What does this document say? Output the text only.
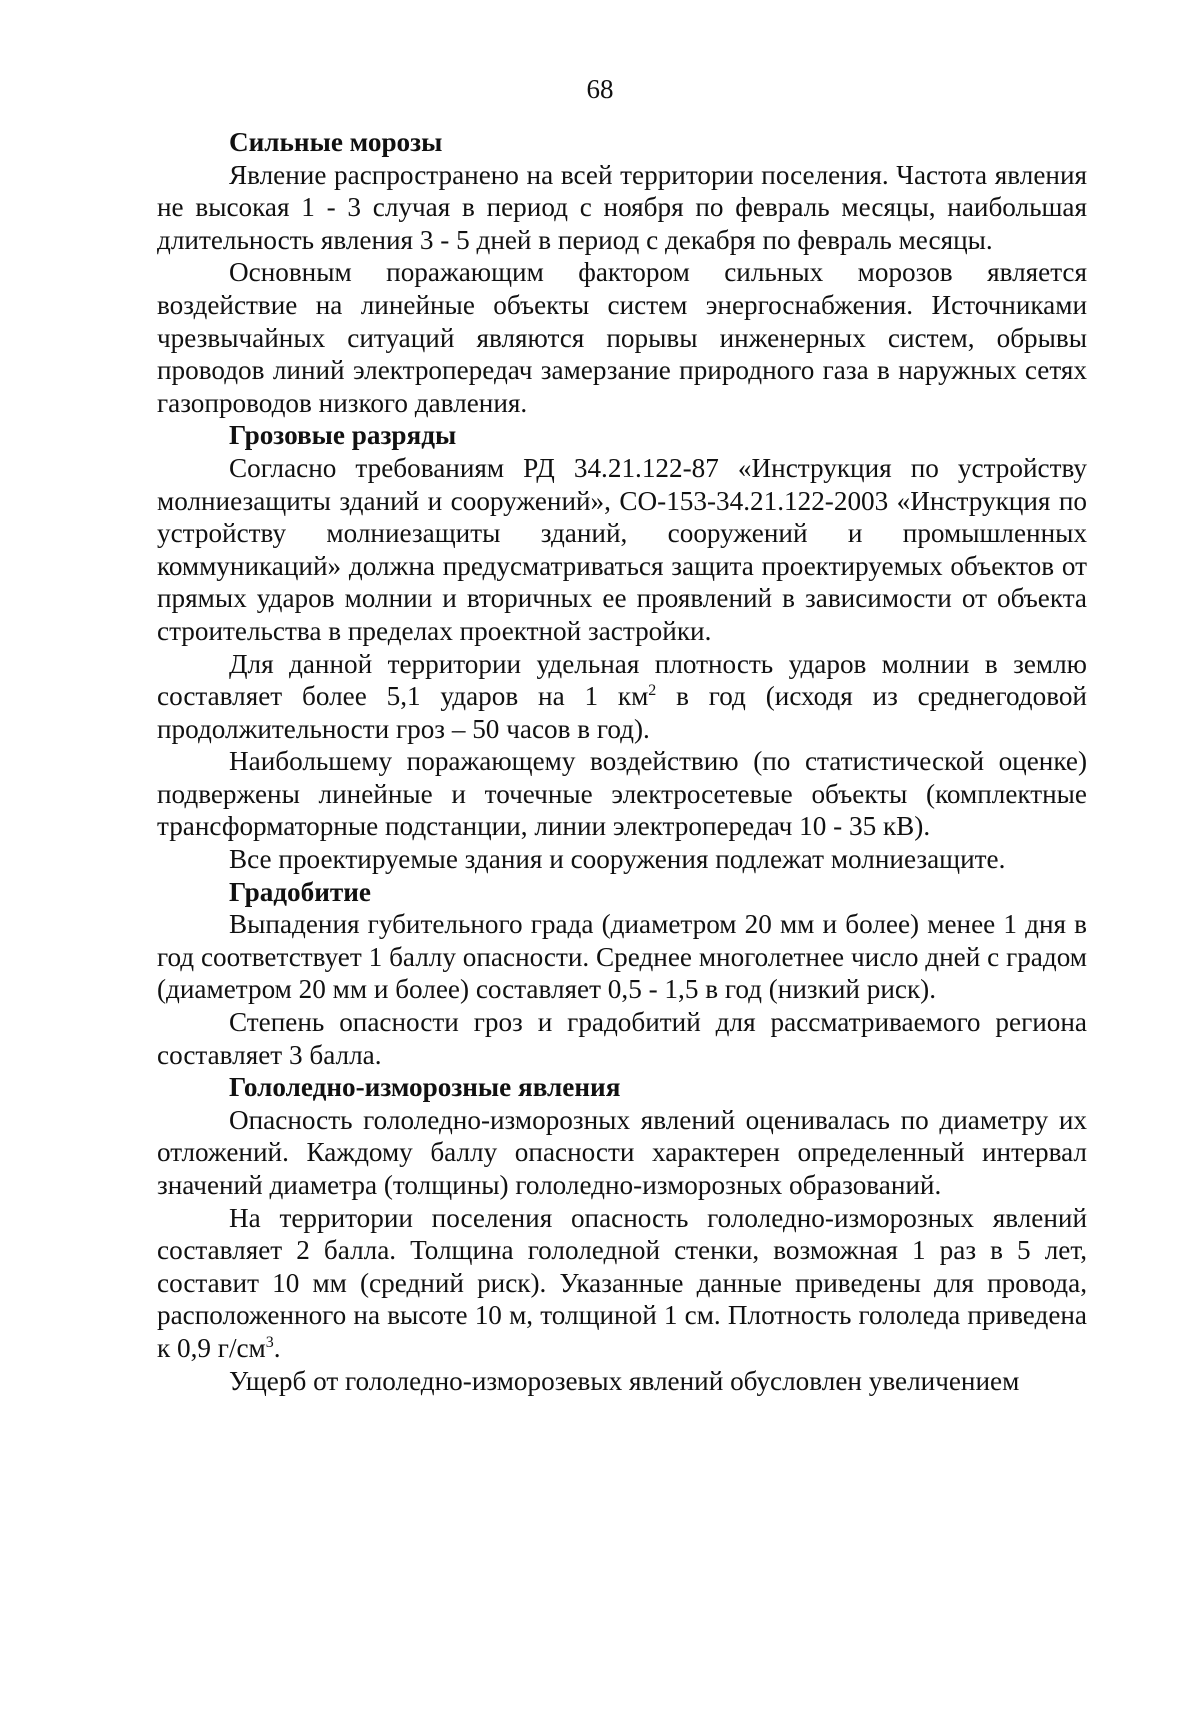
68

Сильные морозы

Явление распространено на всей территории поселения. Частота явления не высокая 1 - 3 случая в период с ноября по февраль месяцы, наибольшая длительность явления 3 - 5 дней в период с декабря по февраль месяцы.

Основным поражающим фактором сильных морозов является воздействие на линейные объекты систем энергоснабжения. Источниками чрезвычайных ситуаций являются порывы инженерных систем, обрывы проводов линий электропередач замерзание природного газа в наружных сетях газопроводов низкого давления.

Грозовые разряды

Согласно требованиям РД 34.21.122-87 «Инструкция по устройству молниезащиты зданий и сооружений», СО-153-34.21.122-2003 «Инструкция по устройству молниезащиты зданий, сооружений и промышленных коммуникаций» должна предусматриваться защита проектируемых объектов от прямых ударов молнии и вторичных ее проявлений в зависимости от объекта строительства в пределах проектной застройки.

Для данной территории удельная плотность ударов молнии в землю составляет более 5,1 ударов на 1 $км^2$ в год (исходя из среднегодовой продолжительности гроз – 50 часов в год).

Наибольшему поражающему воздействию (по статистической оценке) подвержены линейные и точечные электросетевые объекты (комплектные трансформаторные подстанции, линии электропередач 10 - 35 кВ).

Все проектируемые здания и сооружения подлежат молниезащите.

Градобитие

Выпадения губительного града (диаметром 20 мм и более) менее 1 дня в год соответствует 1 баллу опасности. Среднее многолетнее число дней с градом (диаметром 20 мм и более) составляет 0,5 - 1,5 в год (низкий риск).

Степень опасности гроз и градобитий для рассматриваемого региона составляет 3 балла.

Гололедно-изморозные явления

Опасность гололедно-изморозных явлений оценивалась по диаметру их отложений. Каждому баллу опасности характерен определенный интервал значений диаметра (толщины) гололедно-изморозных образований.

На территории поселения опасность гололедно-изморозных явлений составляет 2 балла. Толщина гололедной стенки, возможная 1 раз в 5 лет, составит 10 мм (средний риск). Указанные данные приведены для провода, расположенного на высоте 10 м, толщиной 1 см. Плотность гололеда приведена к 0,9 $г/см^3$.

Ущерб от гололедно-изморозевых явлений обусловлен увеличением
